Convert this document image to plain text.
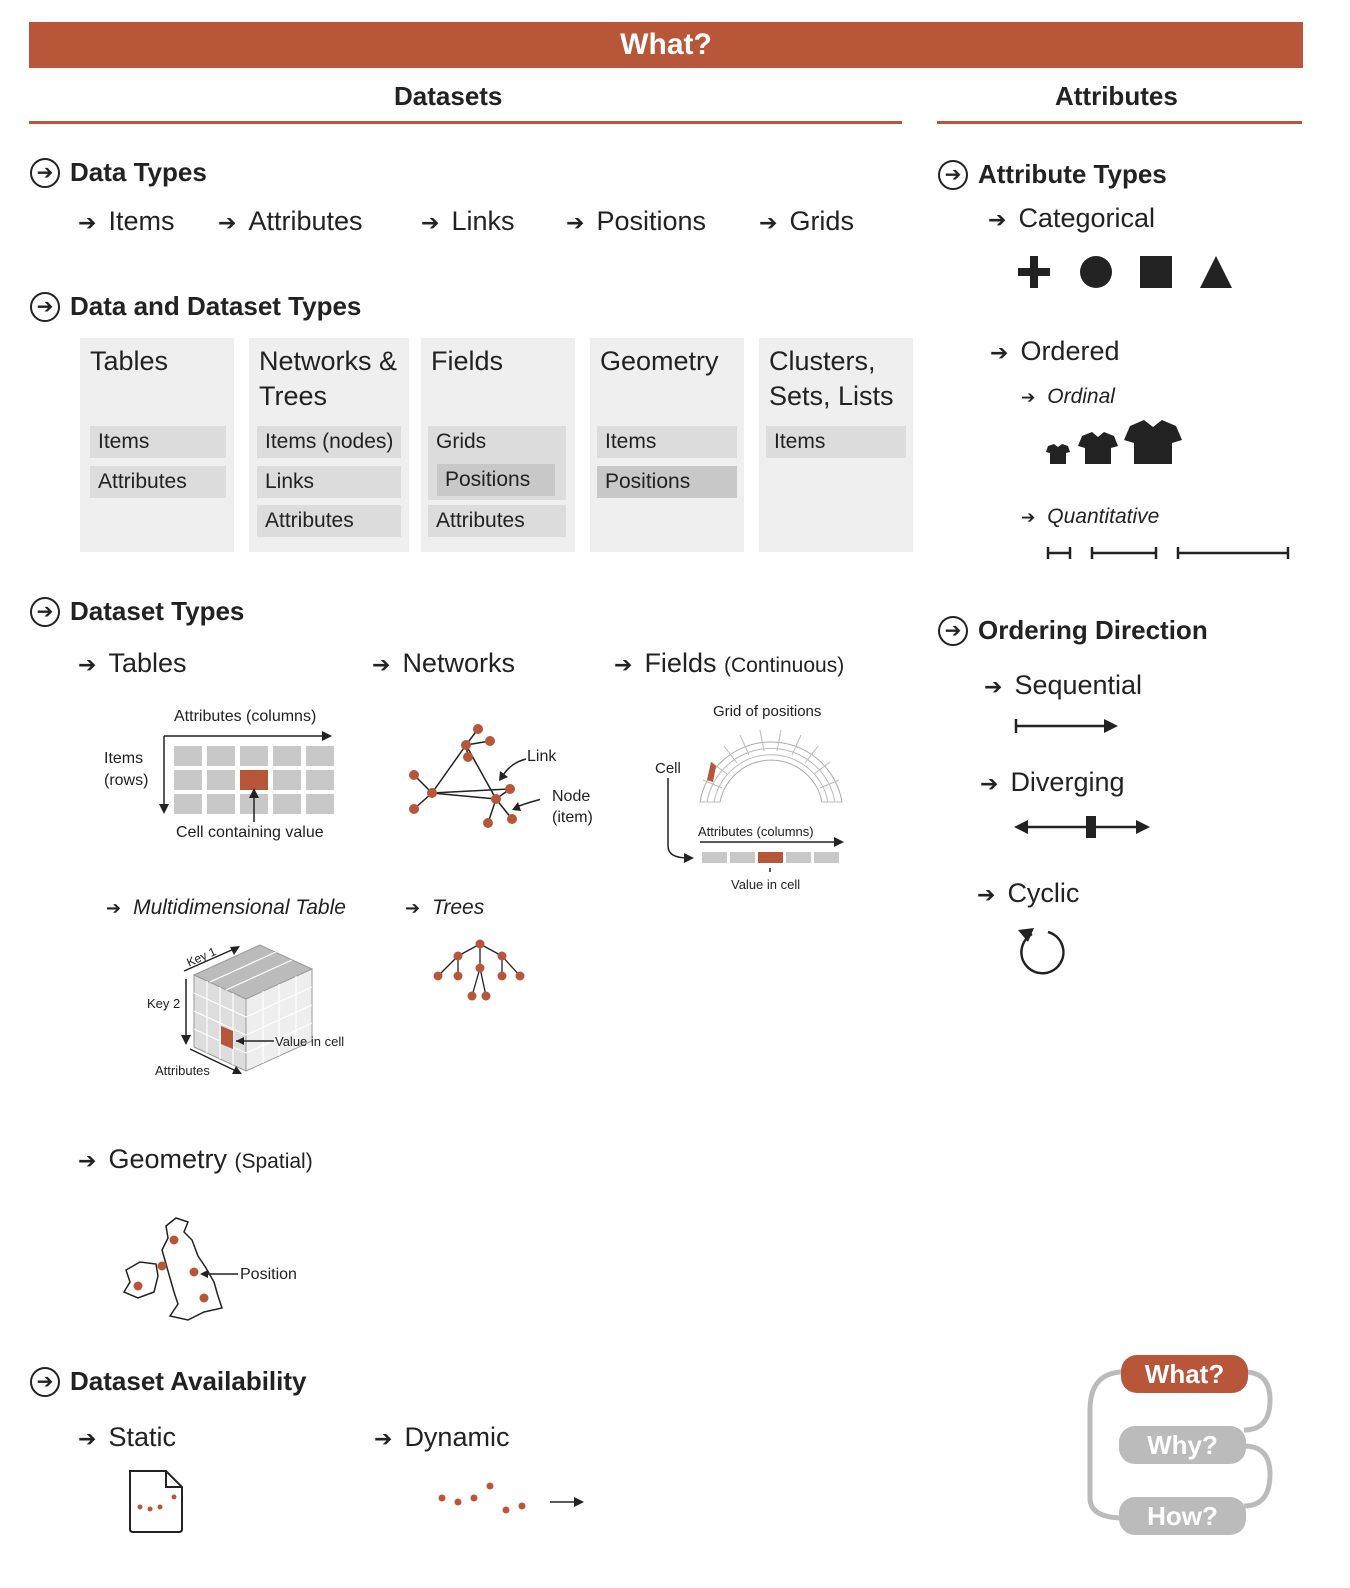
What?
Datasets	Attributes
➔ Data Types
➔ Items ➔ Attributes	➔ Links ➔ Positions ➔ Grids
➔ Data and Dataset Types
Tables
Items
Attributes
Networks & Trees
Items (nodes)
Links
Attributes
Fields
Grids
Positions
Attributes
Geometry
Items
Positions
Clusters, Sets, Lists
Items
➔ Dataset Types
➔ Tables	➔ Networks	➔ Fields (Continuous)
Attributes (columns)
Items
(rows)
Cell containing value
Link
Node
(item)
Grid of positions
Cell
Attributes (columns)
Value in cell
➔ Multidimensional Table
Key 1
Key 2
Attributes
Value in cell
➔ Trees
➔ Geometry (Spatial)
Position
➔ Dataset Availability
➔ Static	➔ Dynamic
➔ Attribute Types
➔ Categorical
➔ Ordered
➔ Ordinal
➔ Quantitative
➔ Ordering Direction
➔ Sequential
➔ Diverging
➔ Cyclic
What?
Why?
How?
